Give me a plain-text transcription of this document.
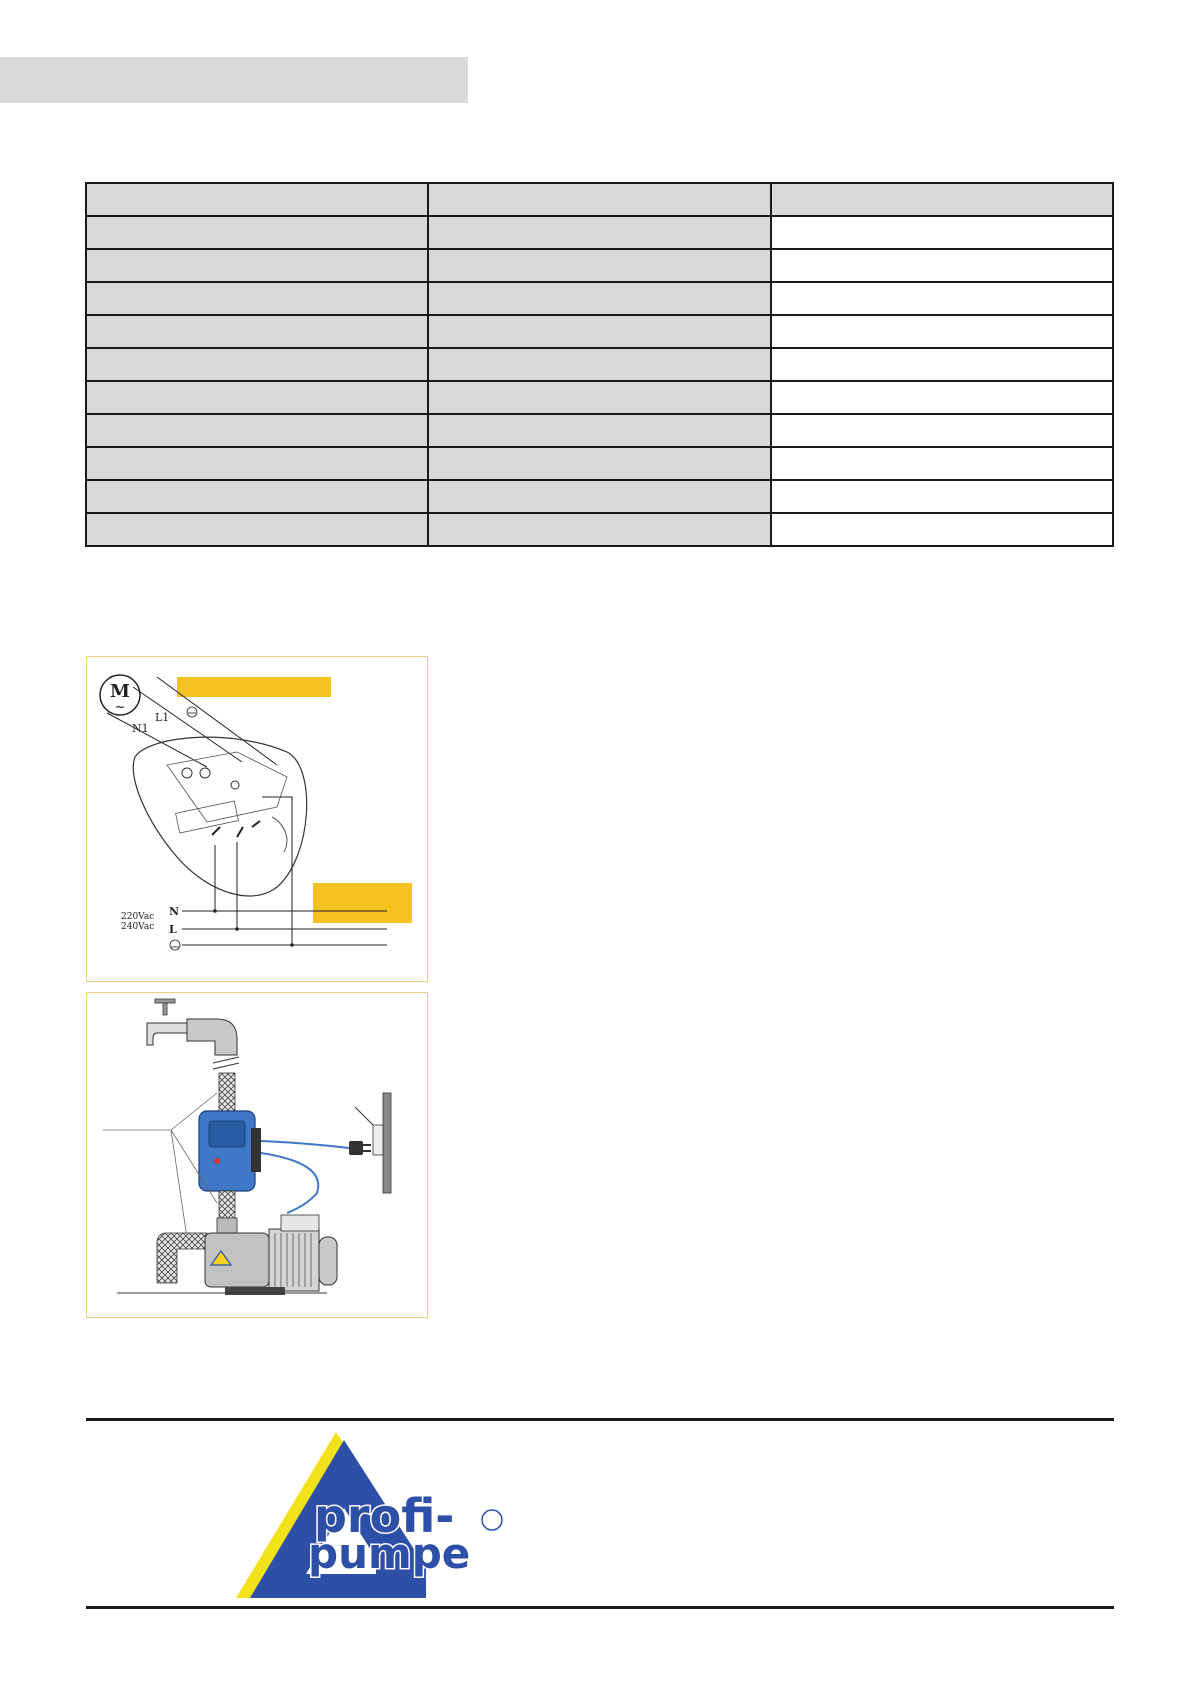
M
~
N1
L1
N
L
220Vac
240Vac
profi-
pumpe
